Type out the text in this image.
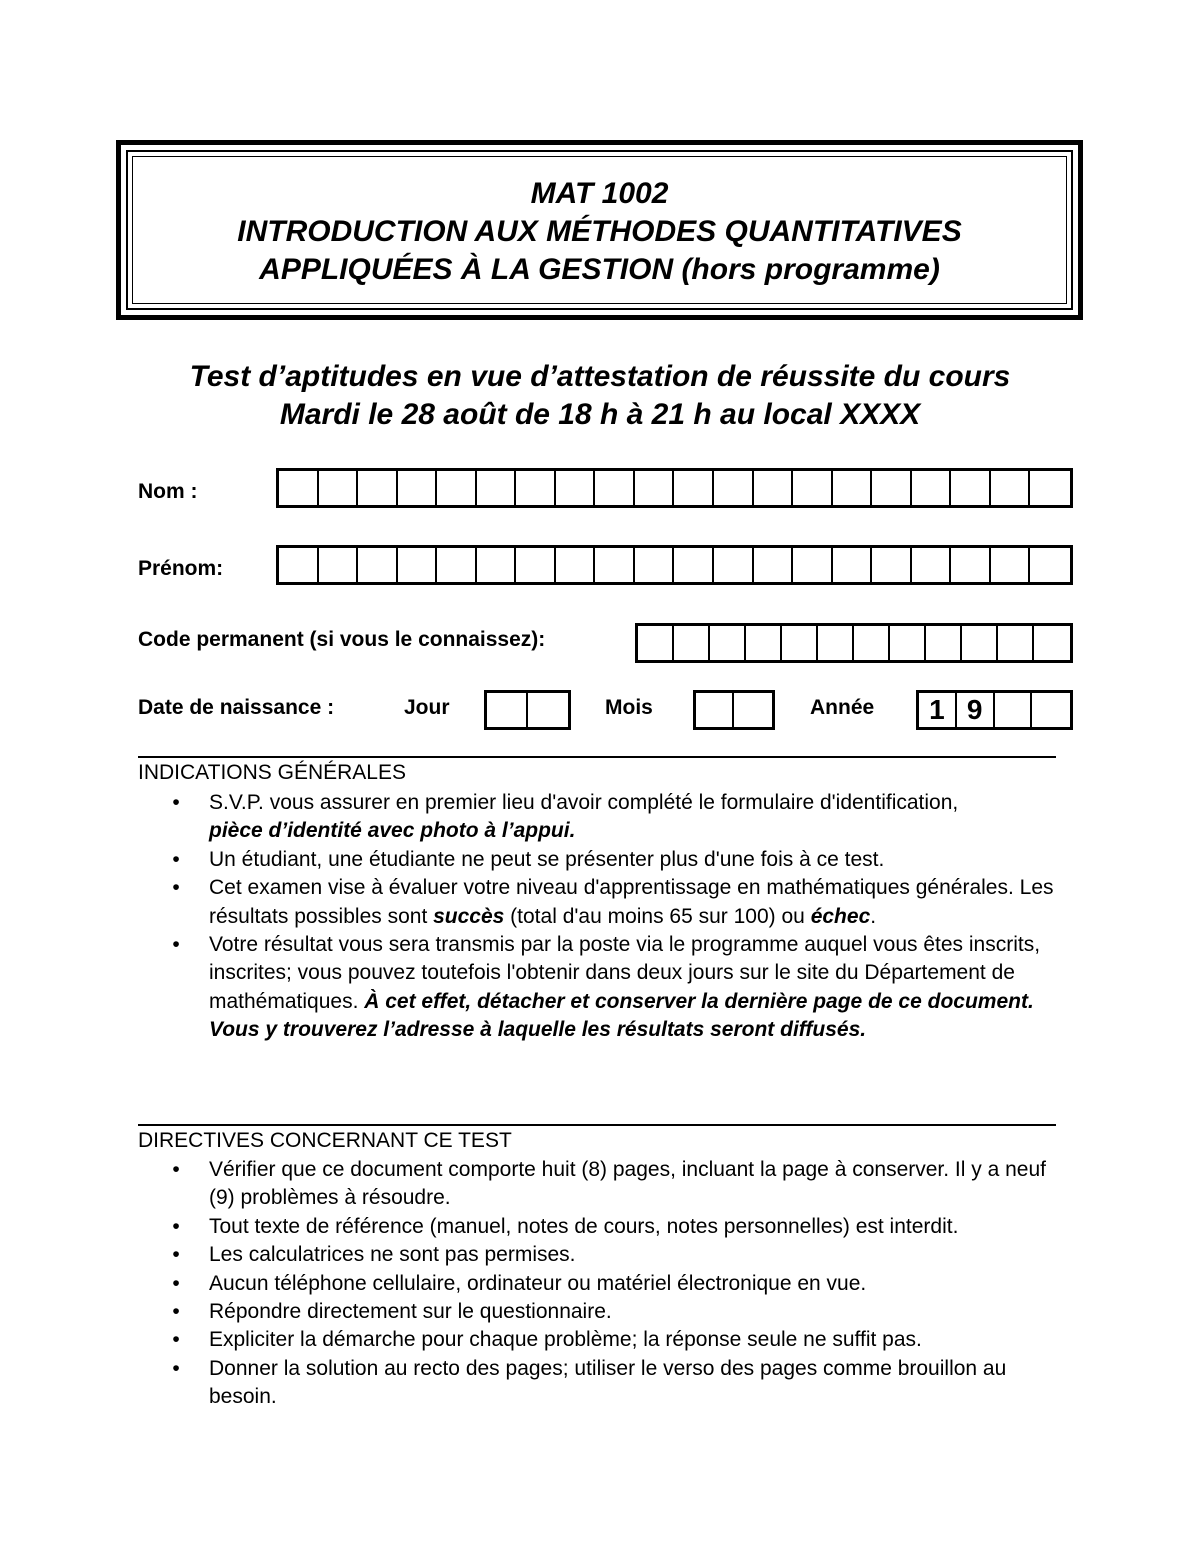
MAT 1002
INTRODUCTION AUX MÉTHODES QUANTITATIVES
APPLIQUÉES À LA GESTION (hors programme)
Test d’aptitudes en vue d’attestation de réussite du cours
Mardi le 28 août de 18 h à 21 h au local XXXX
Nom :
Prénom:
Code permanent (si vous le connaissez):
Date de naissance :	Jour	Mois	Année	1 9
INDICATIONS GÉNÉRALES
• S.V.P. vous assurer en premier lieu d'avoir complété le formulaire d'identification,
pièce d’identité avec photo à l’appui.
• Un étudiant, une étudiante ne peut se présenter plus d'une fois à ce test.
• Cet examen vise à évaluer votre niveau d'apprentissage en mathématiques générales. Les résultats possibles sont succès (total d'au moins 65 sur 100) ou échec.
• Votre résultat vous sera transmis par la poste via le programme auquel vous êtes inscrits, inscrites; vous pouvez toutefois l'obtenir dans deux jours sur le site du Département de mathématiques. À cet effet, détacher et conserver la dernière page de ce document. Vous y trouverez l’adresse à laquelle les résultats seront diffusés.
DIRECTIVES CONCERNANT CE TEST
• Vérifier que ce document comporte huit (8) pages, incluant la page à conserver. Il y a neuf (9) problèmes à résoudre.
• Tout texte de référence (manuel, notes de cours, notes personnelles) est interdit.
• Les calculatrices ne sont pas permises.
• Aucun téléphone cellulaire, ordinateur ou matériel électronique en vue.
• Répondre directement sur le questionnaire.
• Expliciter la démarche pour chaque problème; la réponse seule ne suffit pas.
• Donner la solution au recto des pages; utiliser le verso des pages comme brouillon au besoin.
